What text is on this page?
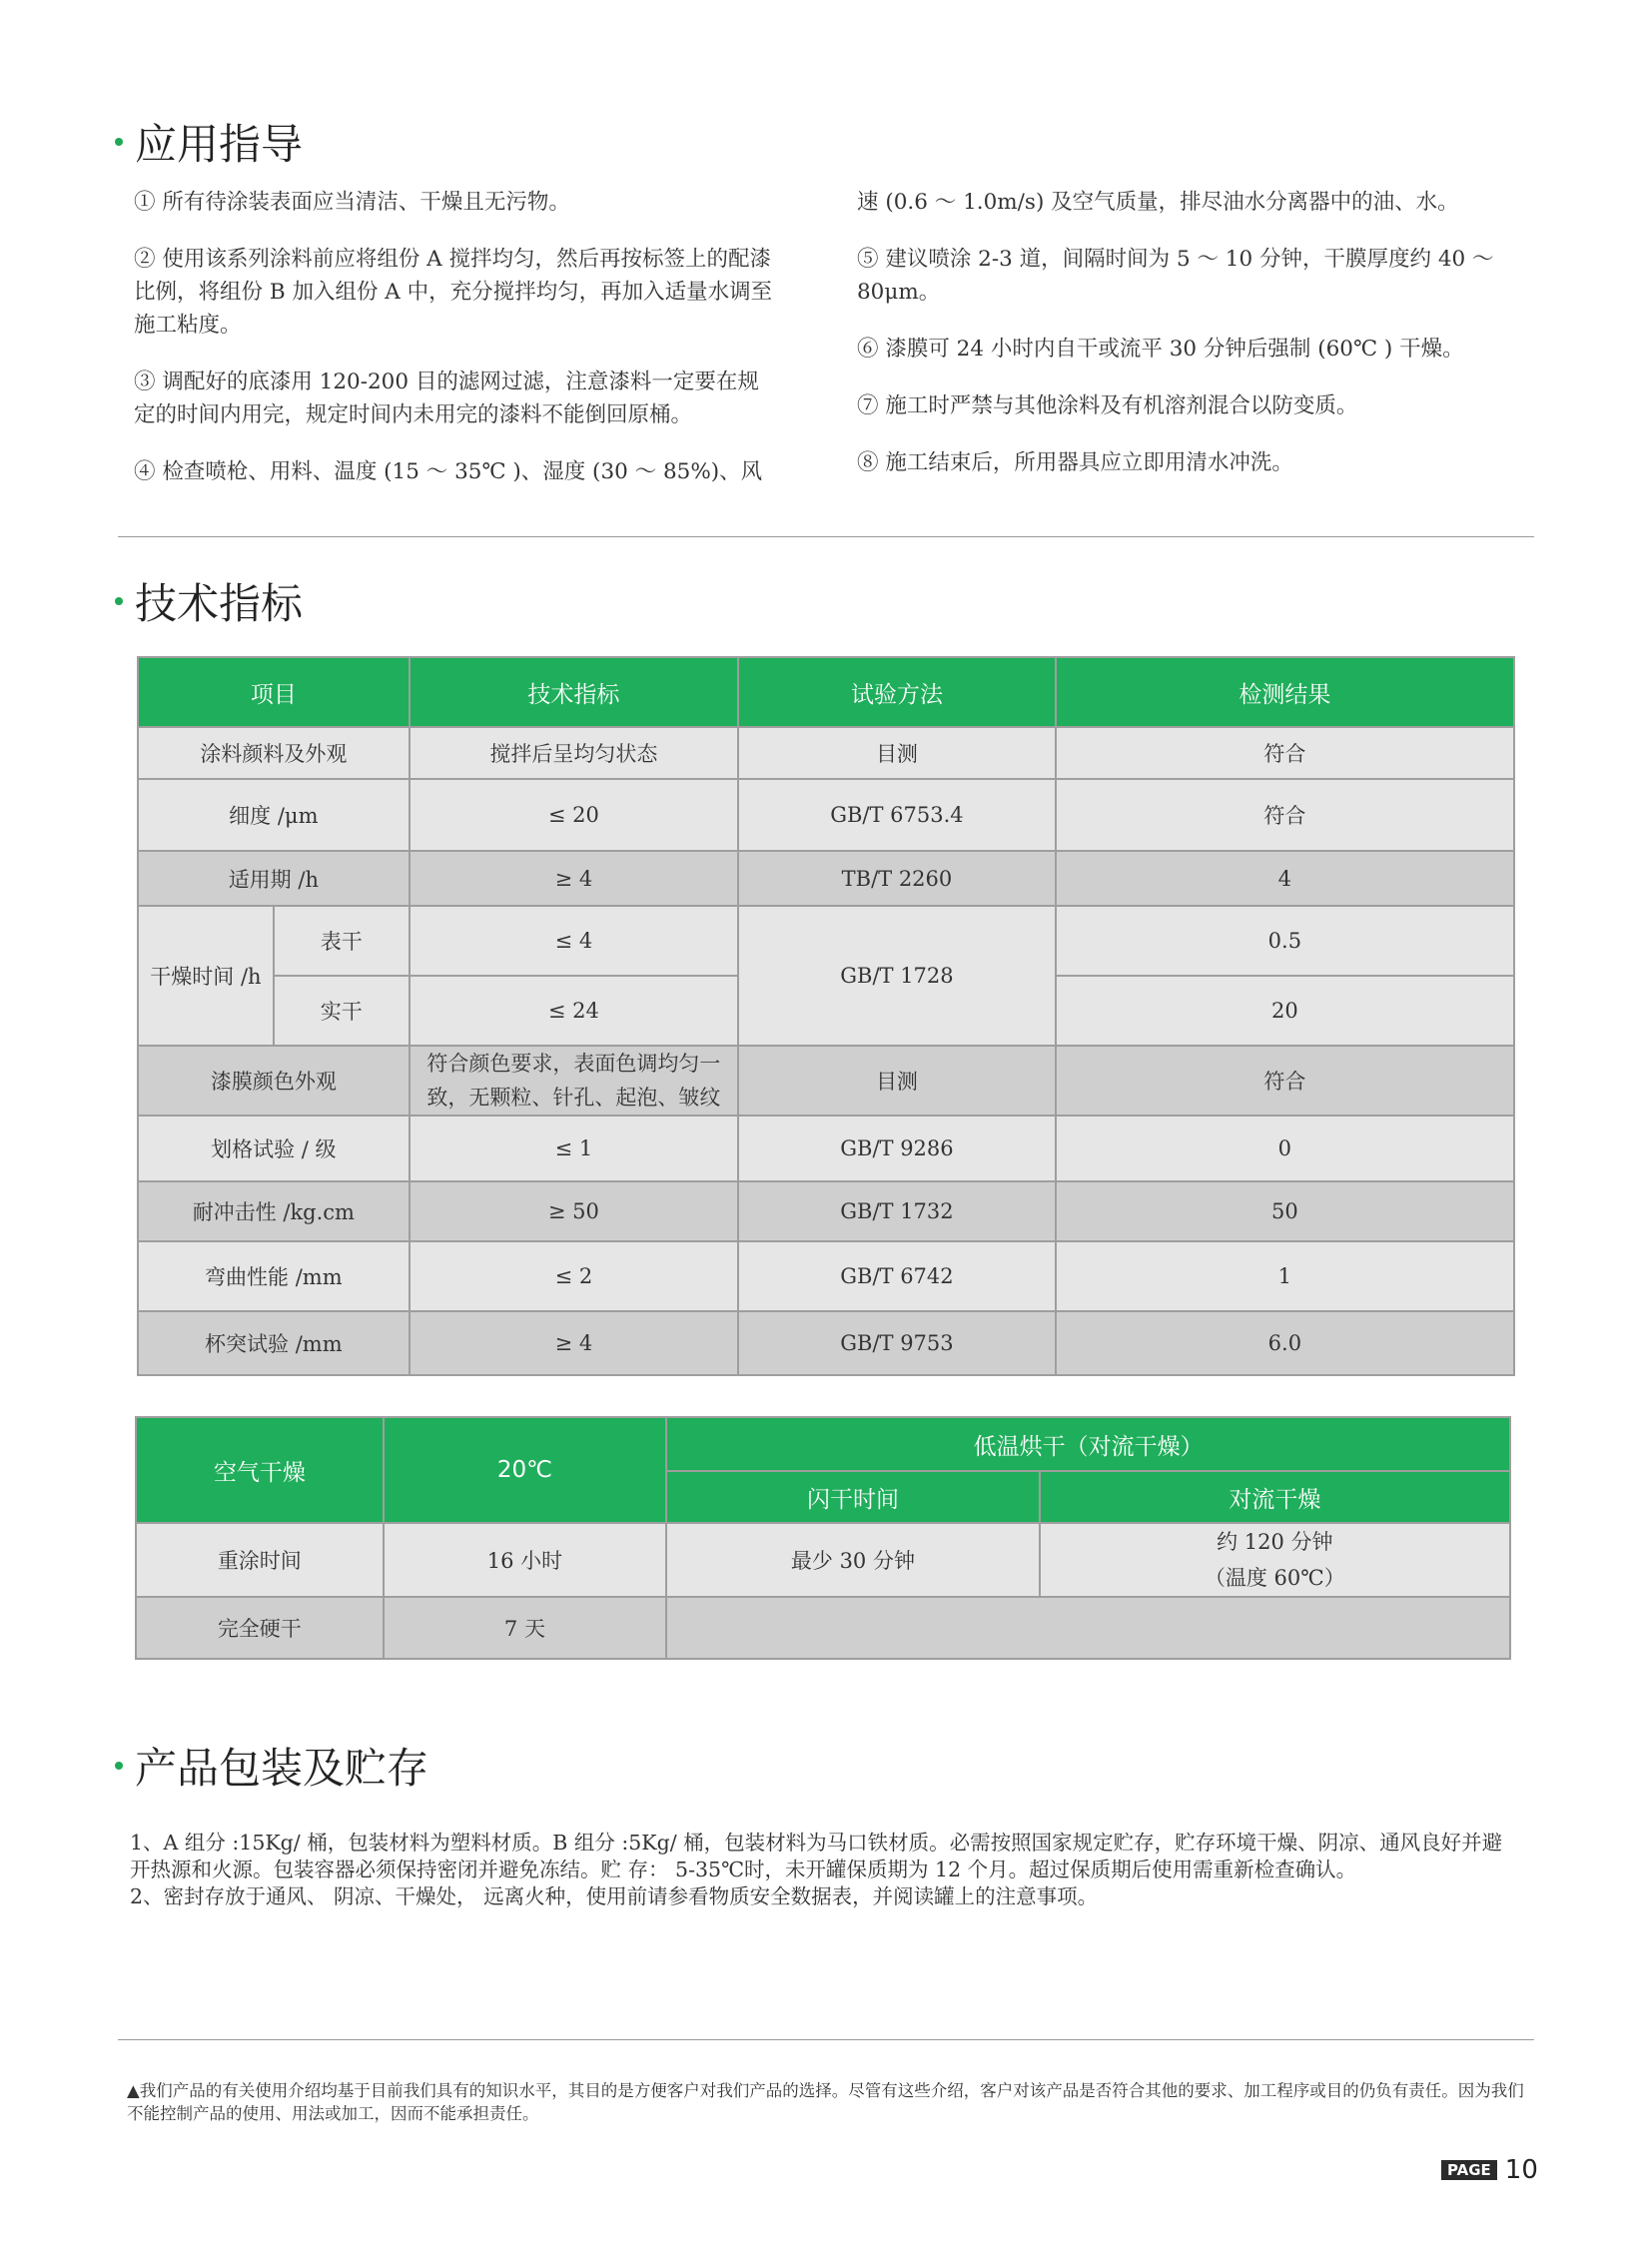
应用指导

① 所有待涂装表面应当清洁、干燥且无污物。

② 使用该系列涂料前应将组份 A 搅拌均匀，然后再按标签上的配漆比例，将组份 B 加入组份 A 中，充分搅拌均匀，再加入适量水调至施工粘度。

③ 调配好的底漆用 120-200 目的滤网过滤，注意漆料一定要在规定的时间内用完，规定时间内未用完的漆料不能倒回原桶。

④ 检查喷枪、用料、温度 (15 ～ 35℃ )、湿度 (30 ～ 85%)、风

速 (0.6 ～ 1.0m/s) 及空气质量，排尽油水分离器中的油、水。

⑤ 建议喷涂 2-3 道，间隔时间为 5 ～ 10 分钟，干膜厚度约 40 ～ 80μm。

⑥ 漆膜可 24 小时内自干或流平 30 分钟后强制 (60℃ ) 干燥。

⑦ 施工时严禁与其他涂料及有机溶剂混合以防变质。

⑧ 施工结束后，所用器具应立即用清水冲洗。

技术指标
项目		技术指标	试验方法	检测结果
涂料颜料及外观		搅拌后呈均匀状态	目测	符合
细度 /μm		≤ 20	GB/T 6753.4	符合
适用期 /h		≥ 4	TB/T 2260	4
干燥时间 /h	表干	≤ 4	GB/T 1728	0.5
	实干	≤ 24		20
漆膜颜色外观		符合颜色要求，表面色调均匀一致，无颗粒、针孔、起泡、皱纹	目测	符合
划格试验 / 级		≤ 1	GB/T 9286	0
耐冲击性 /kg.cm		≥ 50	GB/T 1732	50
弯曲性能 /mm		≤ 2	GB/T 6742	1
杯突试验 /mm		≥ 4	GB/T 9753	6.0
空气干燥	20℃	低温烘干（对流干燥）	
		闪干时间	对流干燥
重涂时间	16 小时	最少 30 分钟	约 120 分钟
（温度 60℃）

完全硬干	7 天		
产品包装及贮存

1、A 组分 :15Kg/ 桶，包装材料为塑料材质。B 组分 :5Kg/ 桶，包装材料为马口铁材质。必需按照国家规定贮存，贮存环境干燥、阴凉、通风良好并避开热源和火源。包装容器必须保持密闭并避免冻结。贮 存： 5-35℃时，未开罐保质期为 12 个月。超过保质期后使用需重新检查确认。

2、密封存放于通风、 阴凉、干燥处， 远离火种，使用前请参看物质安全数据表，并阅读罐上的注意事项。

▲我们产品的有关使用介绍均基于目前我们具有的知识水平，其目的是方便客户对我们产品的选择。尽管有这些介绍，客户对该产品是否符合其他的要求、加工程序或目的仍负有责任。因为我们不能控制产品的使用、用法或加工，因而不能承担责任。
PAGE 10
